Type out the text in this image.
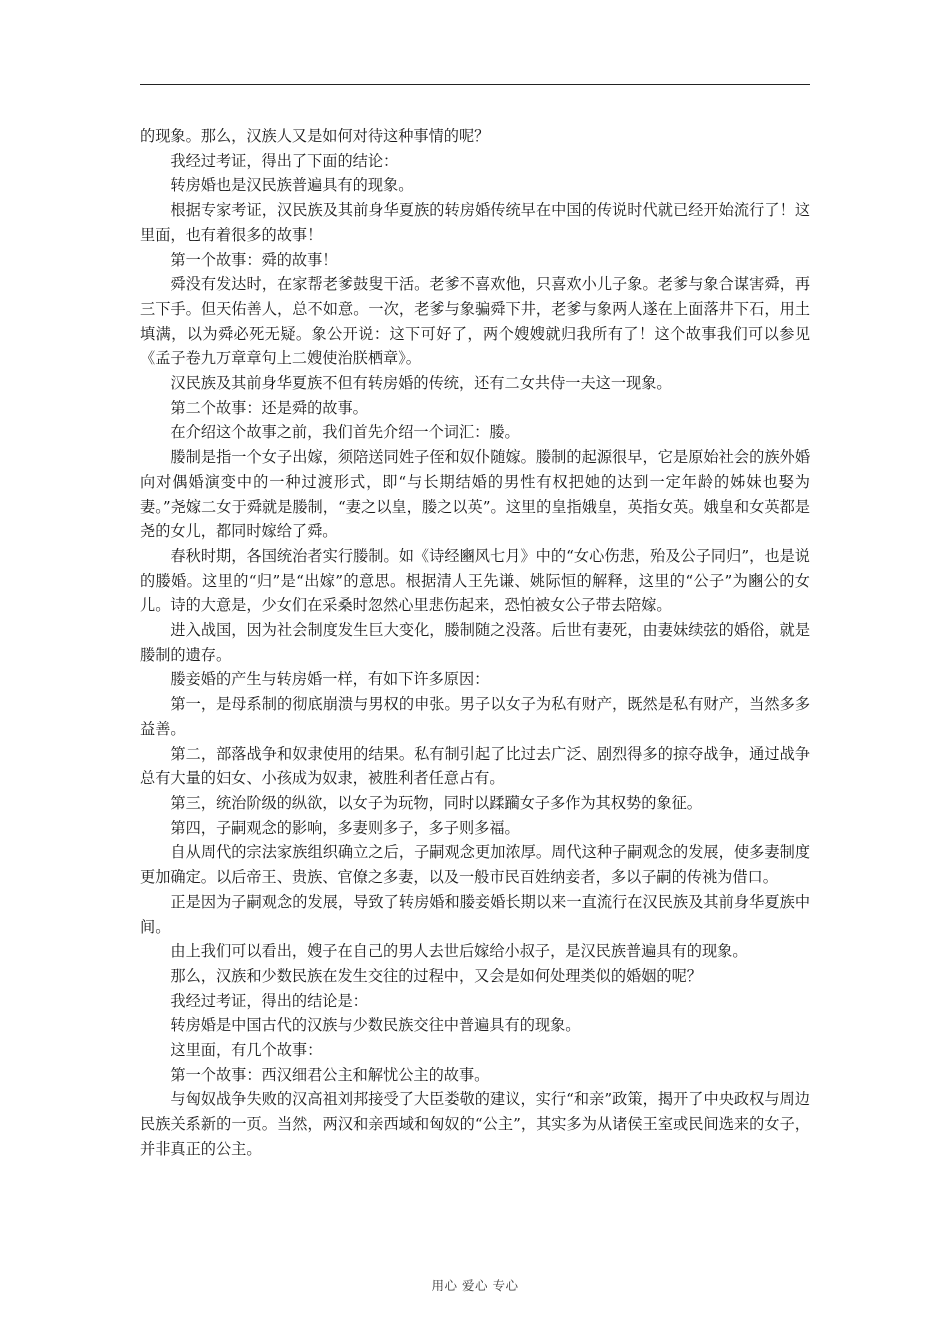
的现象。那么，汉族人又是如何对待这种事情的呢？

我经过考证，得出了下面的结论：

转房婚也是汉民族普遍具有的现象。

根据专家考证，汉民族及其前身华夏族的转房婚传统早在中国的传说时代就已经开始流行了！这里面，也有着很多的故事！

第一个故事：舜的故事！

舜没有发达时，在家帮老爹鼓叟干活。老爹不喜欢他，只喜欢小儿子象。老爹与象合谋害舜，再三下手。但天佑善人，总不如意。一次，老爹与象骗舜下井，老爹与象两人遂在上面落井下石，用土填满，以为舜必死无疑。象公开说：这下可好了，两个嫂嫂就归我所有了！这个故事我们可以参见《孟子卷九万章章句上二嫂使治朕栖章》。

汉民族及其前身华夏族不但有转房婚的传统，还有二女共侍一夫这一现象。

第二个故事：还是舜的故事。

在介绍这个故事之前，我们首先介绍一个词汇：媵。

媵制是指一个女子出嫁，须陪送同姓子侄和奴仆随嫁。媵制的起源很早，它是原始社会的族外婚向对偶婚演变中的一种过渡形式，即“与长期结婚的男性有权把她的达到一定年龄的姊妹也娶为妻。”尧嫁二女于舜就是媵制，“妻之以皇，媵之以英”。这里的皇指娥皇，英指女英。娥皇和女英都是尧的女儿，都同时嫁给了舜。

春秋时期，各国统治者实行媵制。如《诗经豳风七月》中的“女心伤悲，殆及公子同归”，也是说的媵婚。这里的“归”是“出嫁”的意思。根据清人王先谦、姚际恒的解释，这里的“公子”为豳公的女儿。诗的大意是，少女们在采桑时忽然心里悲伤起来，恐怕被女公子带去陪嫁。

进入战国，因为社会制度发生巨大变化，媵制随之没落。后世有妻死，由妻妹续弦的婚俗，就是媵制的遗存。

媵妾婚的产生与转房婚一样，有如下许多原因：

第一，是母系制的彻底崩溃与男权的申张。男子以女子为私有财产，既然是私有财产，当然多多益善。

第二，部落战争和奴隶使用的结果。私有制引起了比过去广泛、剧烈得多的掠夺战争，通过战争总有大量的妇女、小孩成为奴隶，被胜利者任意占有。

第三，统治阶级的纵欲，以女子为玩物，同时以蹂躏女子多作为其权势的象征。

第四，子嗣观念的影响，多妻则多子，多子则多福。

自从周代的宗法家族组织确立之后，子嗣观念更加浓厚。周代这种子嗣观念的发展，使多妻制度更加确定。以后帝王、贵族、官僚之多妻，以及一般市民百姓纳妾者，多以子嗣的传祧为借口。

正是因为子嗣观念的发展，导致了转房婚和媵妾婚长期以来一直流行在汉民族及其前身华夏族中间。

由上我们可以看出，嫂子在自己的男人去世后嫁给小叔子，是汉民族普遍具有的现象。

那么，汉族和少数民族在发生交往的过程中，又会是如何处理类似的婚姻的呢？

我经过考证，得出的结论是：

转房婚是中国古代的汉族与少数民族交往中普遍具有的现象。

这里面，有几个故事：

第一个故事：西汉细君公主和解忧公主的故事。

与匈奴战争失败的汉高祖刘邦接受了大臣娄敬的建议，实行“和亲”政策，揭开了中央政权与周边民族关系新的一页。当然，两汉和亲西域和匈奴的“公主”，其实多为从诸侯王室或民间选来的女子，并非真正的公主。

用心 爱心 专心
